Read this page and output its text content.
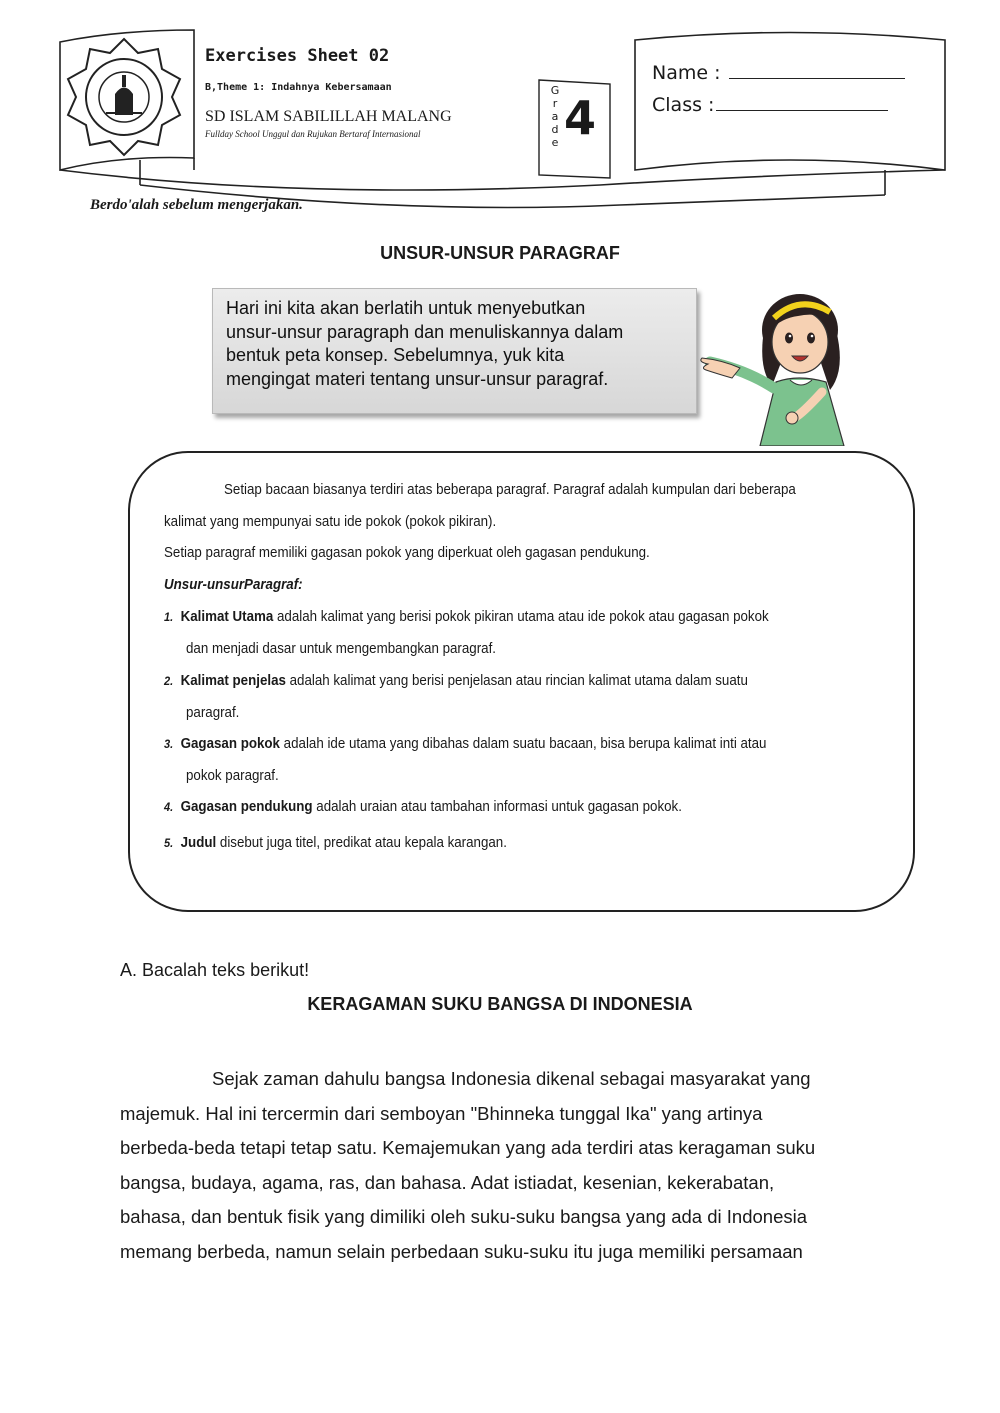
Exercises Sheet 02
B,Theme 1: Indahnya Kebersamaan
SD ISLAM SABILILLAH MALANG
Fullday School Unggul dan Rujukan Bertaraf Internasional
G
r
a
d
e 4
Name :
Class :
Berdo'alah sebelum mengerjakan.
UNSUR-UNSUR PARAGRAF
Hari ini kita akan berlatih untuk menyebutkan
unsur-unsur paragraph dan menuliskannya dalam
bentuk peta konsep. Sebelumnya, yuk kita
mengingat materi tentang unsur-unsur paragraf.
Setiap bacaan biasanya terdiri atas beberapa paragraf. Paragraf adalah kumpulan dari beberapa
kalimat yang mempunyai satu ide pokok (pokok pikiran).
Setiap paragraf memiliki gagasan pokok yang diperkuat oleh gagasan pendukung.
Unsur-unsurParagraf:
1. Kalimat Utama adalah kalimat yang berisi pokok pikiran utama atau ide pokok atau gagasan pokok
dan menjadi dasar untuk mengembangkan paragraf.
2. Kalimat penjelas adalah kalimat yang berisi penjelasan atau rincian kalimat utama dalam suatu
paragraf.
3. Gagasan pokok adalah ide utama yang dibahas dalam suatu bacaan, bisa berupa kalimat inti atau
pokok paragraf.
4. Gagasan pendukung adalah uraian atau tambahan informasi untuk gagasan pokok.
5. Judul disebut juga titel, predikat atau kepala karangan.
A. Bacalah teks berikut!
KERAGAMAN SUKU BANGSA DI INDONESIA
Sejak zaman dahulu bangsa Indonesia dikenal sebagai masyarakat yang
majemuk. Hal ini tercermin dari semboyan "Bhinneka tunggal Ika" yang artinya
berbeda-beda tetapi tetap satu. Kemajemukan yang ada terdiri atas keragaman suku
bangsa, budaya, agama, ras, dan bahasa. Adat istiadat, kesenian, kekerabatan,
bahasa, dan bentuk fisik yang dimiliki oleh suku-suku bangsa yang ada di Indonesia
memang berbeda, namun selain perbedaan suku-suku itu juga memiliki persamaan
